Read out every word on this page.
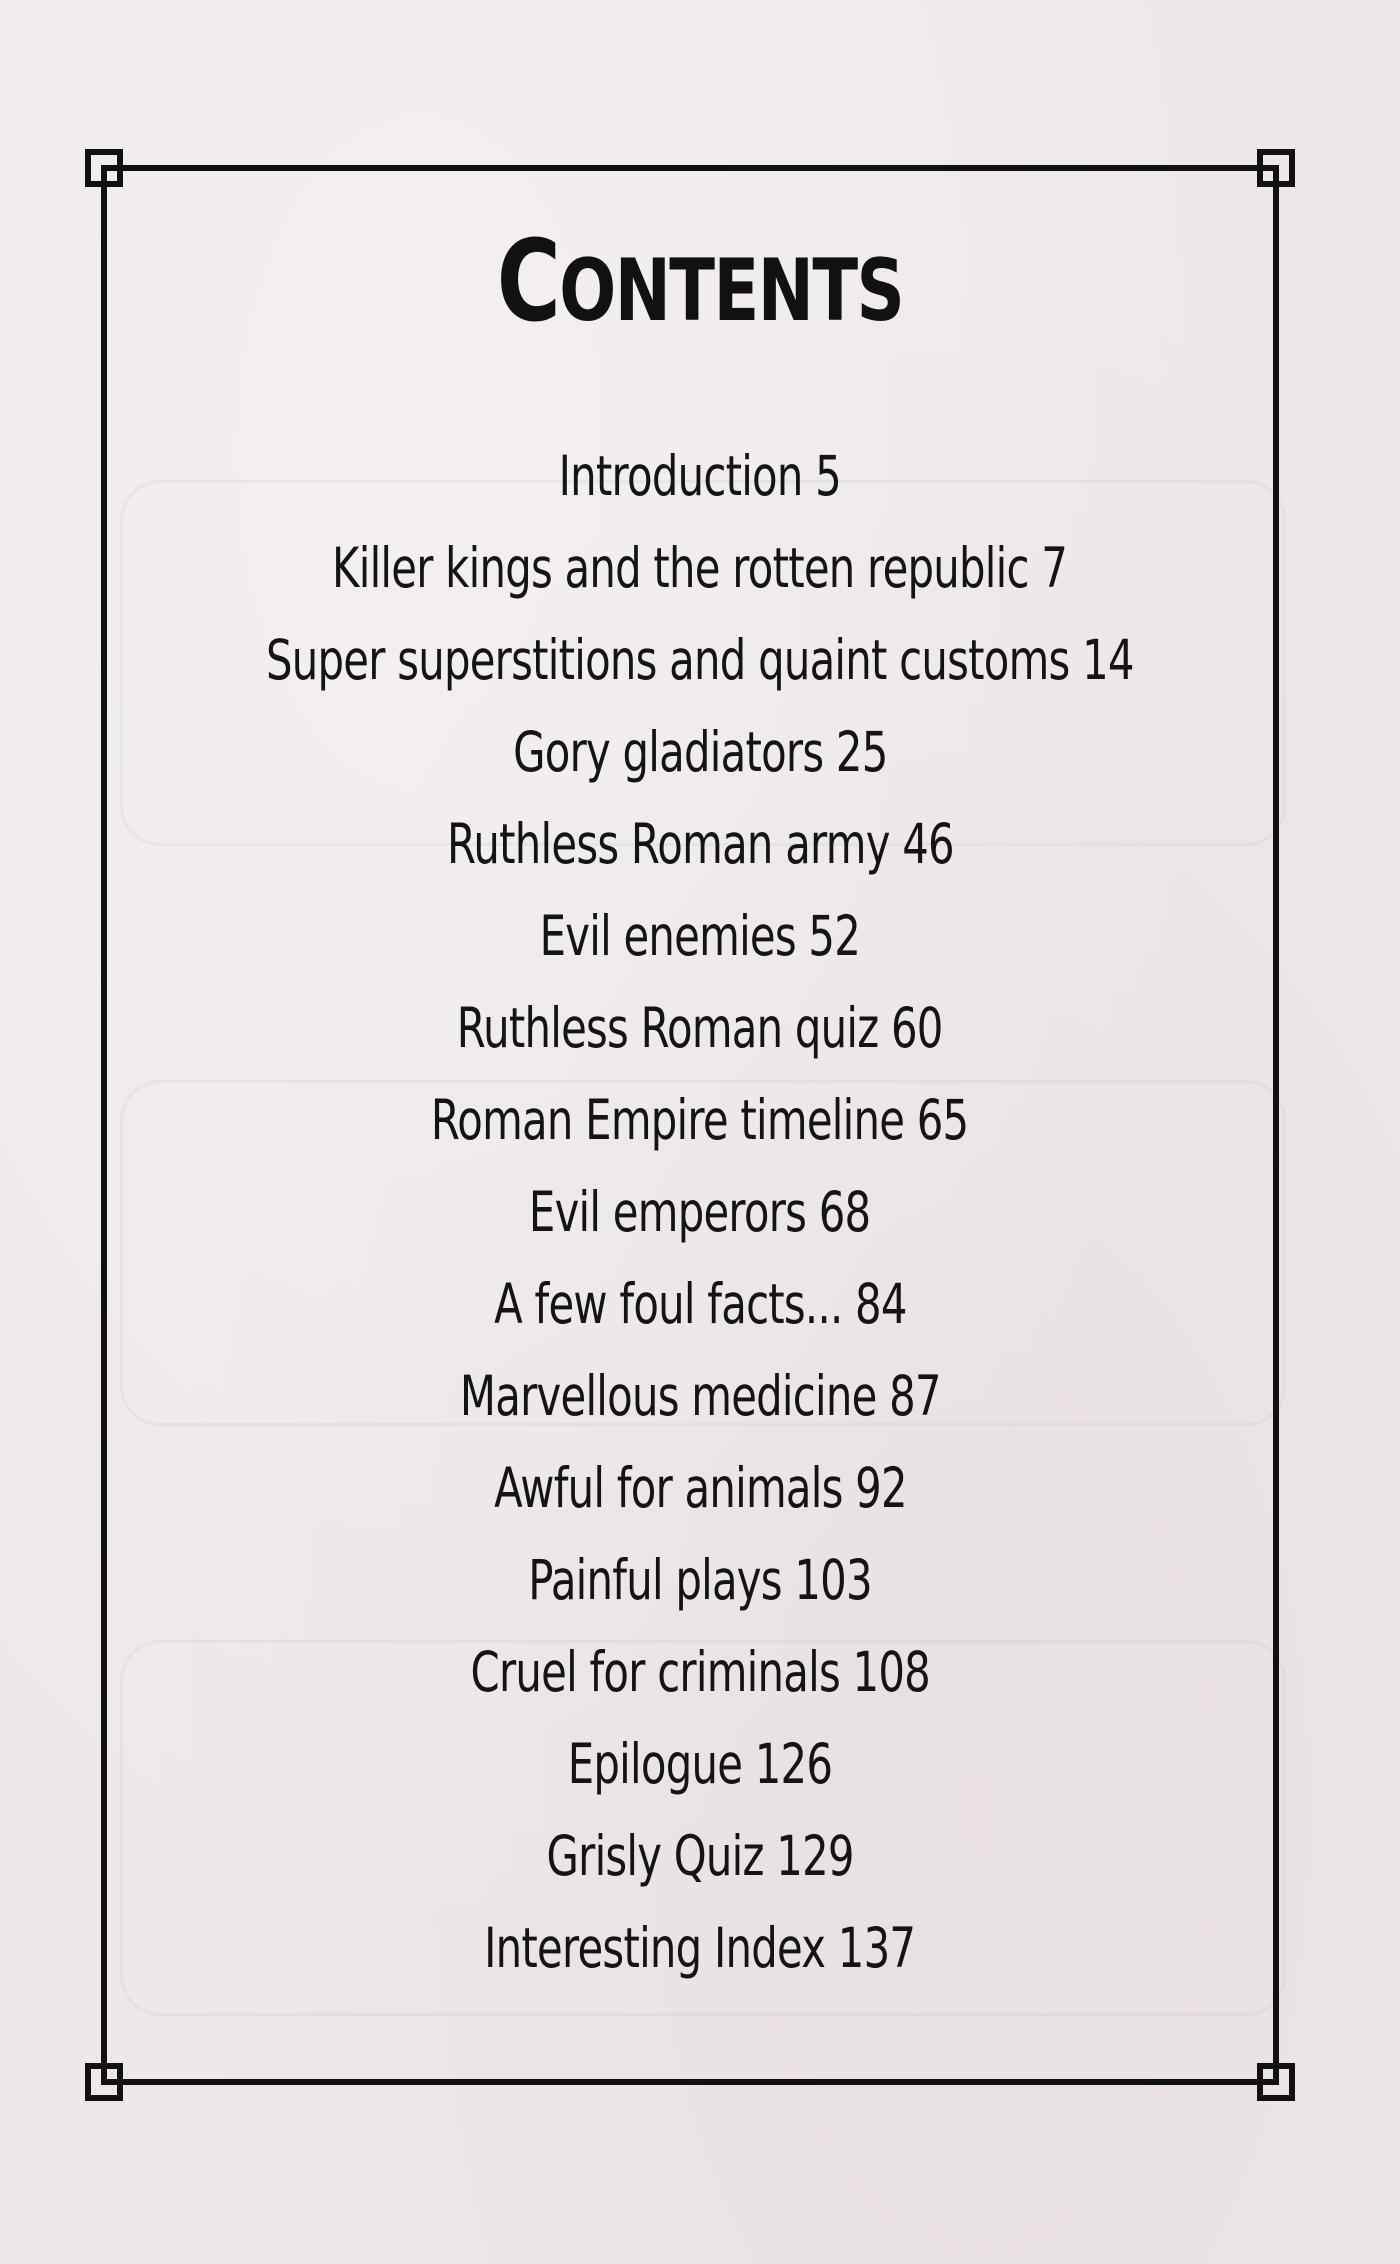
CONTENTS
Introduction 5
Killer kings and the rotten republic 7
Super superstitions and quaint customs 14
Gory gladiators 25
Ruthless Roman army 46
Evil enemies 52
Ruthless Roman quiz 60
Roman Empire timeline 65
Evil emperors 68
A few foul facts... 84
Marvellous medicine 87
Awful for animals 92
Painful plays 103
Cruel for criminals 108
Epilogue 126
Grisly Quiz 129
Interesting Index 137
